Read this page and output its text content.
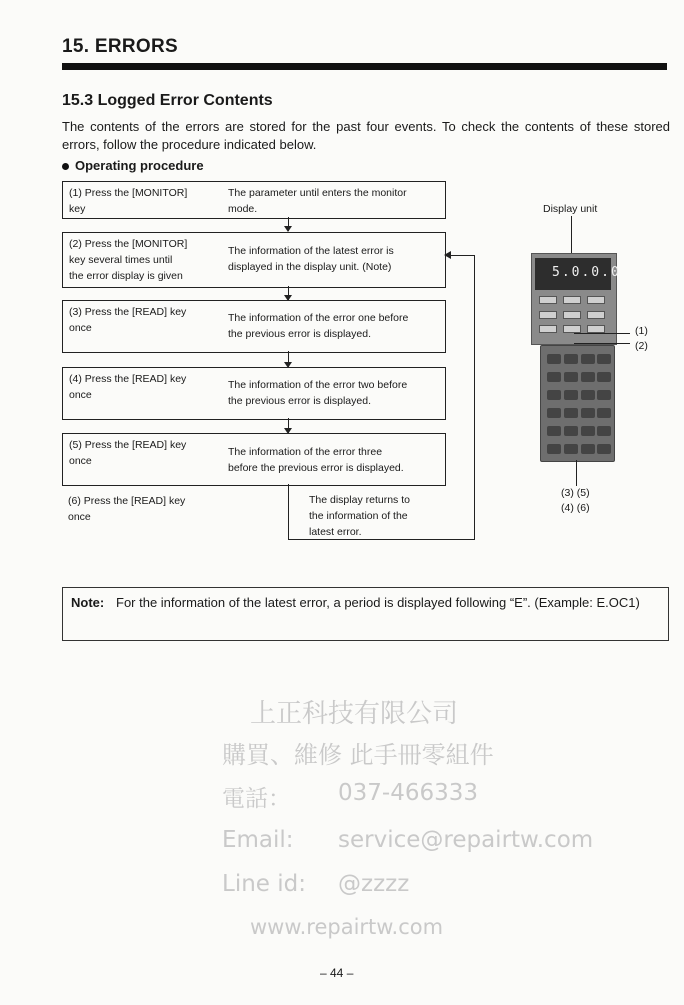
15. ERRORS
15.3 Logged Error Contents
The contents of the errors are stored for the past four events. To check the contents of these stored errors, follow the procedure indicated below.
Operating procedure
(1) Press the [MONITOR]
key
The parameter until enters the monitor
mode.
(2) Press the [MONITOR]
key several times until
the error display is given
The information of the latest error is
displayed in the display unit. (Note)
(3) Press the [READ] key
once
The information of the error one before
the previous error is displayed.
(4) Press the [READ] key
once
The information of the error two before
the previous error is displayed.
(5) Press the [READ] key
once
The information of the error three
before the previous error is displayed.
(6) Press the [READ] key
once
The display returns to
the information of the
latest error.
Display unit
5.0.0.0
(1)
(2)
(3) (5)
(4) (6)
Note: For the information of the latest error, a period is displayed following “E”. (Example: E.OC1)
上正科技有限公司
購買、維修 此手冊零組件
電話： 037-466333
Email: service@repairtw.com
Line id: @zzzz
www.repairtw.com
– 44 –
